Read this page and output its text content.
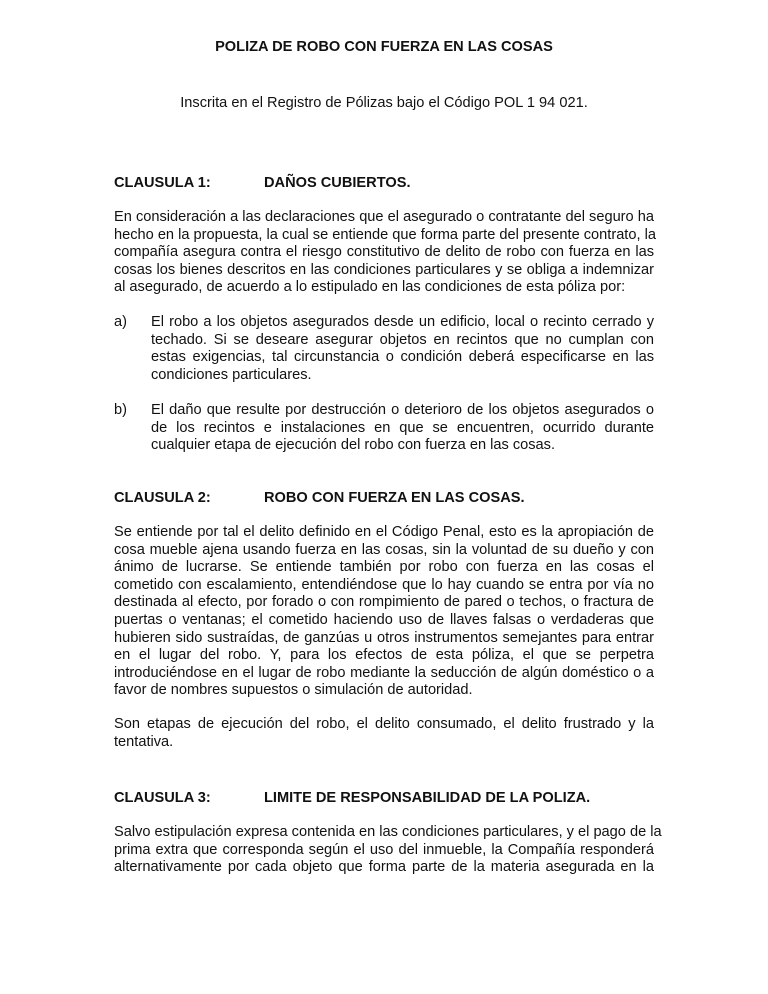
POLIZA DE ROBO CON FUERZA EN LAS COSAS
Inscrita en el Registro de Pólizas bajo el Código POL 1 94 021.
CLAUSULA 1:	DAÑOS CUBIERTOS.
En consideración a las declaraciones que el asegurado o contratante del seguro ha
hecho en la propuesta, la cual se entiende que forma parte del presente contrato, la
compañía asegura contra el riesgo constitutivo de delito de robo con fuerza en las
cosas los bienes descritos en las condiciones particulares y se obliga a indemnizar
al asegurado, de acuerdo a lo estipulado en las condiciones de esta póliza por:
a) El robo a los objetos asegurados desde un edificio, local o recinto cerrado y
techado. Si se deseare asegurar objetos en recintos que no cumplan con
estas exigencias, tal circunstancia o condición deberá especificarse en las
condiciones particulares.
b) El daño que resulte por destrucción o deterioro de los objetos asegurados o
de los recintos e instalaciones en que se encuentren, ocurrido durante
cualquier etapa de ejecución del robo con fuerza en las cosas.
CLAUSULA 2:	ROBO CON FUERZA EN LAS COSAS.
Se entiende por tal el delito definido en el Código Penal, esto es la apropiación de
cosa mueble ajena usando fuerza en las cosas, sin la voluntad de su dueño y con
ánimo de lucrarse. Se entiende también por robo con fuerza en las cosas el
cometido con escalamiento, entendiéndose que lo hay cuando se entra por vía no
destinada al efecto, por forado o con rompimiento de pared o techos, o fractura de
puertas o ventanas; el cometido haciendo uso de llaves falsas o verdaderas que
hubieren sido sustraídas, de ganzúas u otros instrumentos semejantes para entrar
en el lugar del robo. Y, para los efectos de esta póliza, el que se perpetra
introduciéndose en el lugar de robo mediante la seducción de algún doméstico o a
favor de nombres supuestos o simulación de autoridad.
Son etapas de ejecución del robo, el delito consumado, el delito frustrado y la
tentativa.
CLAUSULA 3:	LIMITE DE RESPONSABILIDAD DE LA POLIZA.
Salvo estipulación expresa contenida en las condiciones particulares, y el pago de la
prima extra que corresponda según el uso del inmueble, la Compañía responderá
alternativamente por cada objeto que forma parte de la materia asegurada en la
